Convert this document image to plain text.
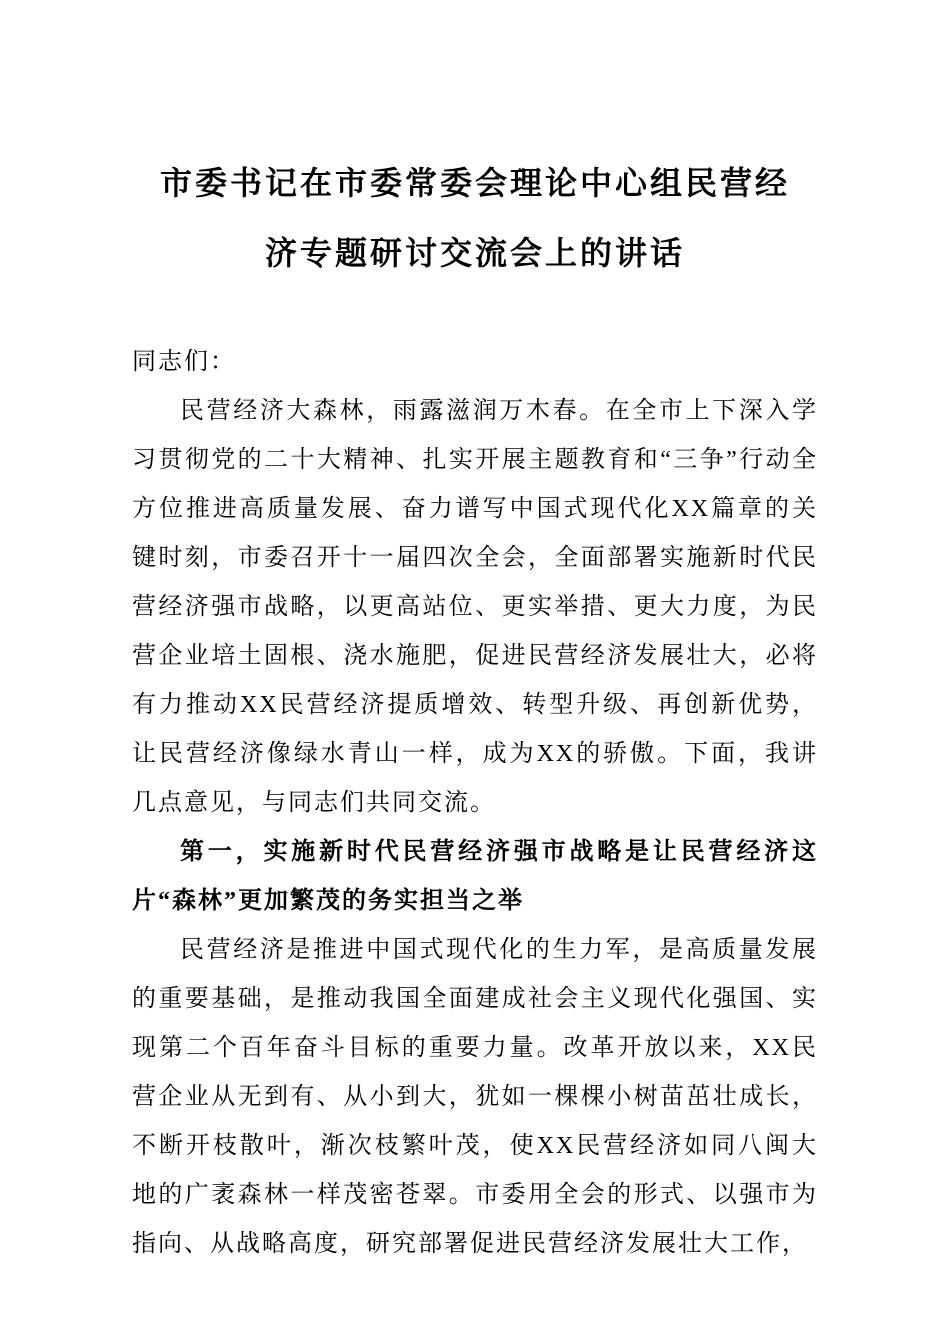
市委书记在市委常委会理论中心组民营经济专题研讨交流会上的讲话

同志们：

民营经济大森林，雨露滋润万木春。在全市上下深入学习贯彻党的二十大精神、扎实开展主题教育和“三争”行动全方位推进高质量发展、奋力谱写中国式现代化XX篇章的关键时刻，市委召开十一届四次全会，全面部署实施新时代民营经济强市战略，以更高站位、更实举措、更大力度，为民营企业培土固根、浇水施肥，促进民营经济发展壮大，必将有力推动XX民营经济提质增效、转型升级、再创新优势，让民营经济像绿水青山一样，成为XX的骄傲。下面，我讲几点意见，与同志们共同交流。

第一，实施新时代民营经济强市战略是让民营经济这片“森林”更加繁茂的务实担当之举

民营经济是推进中国式现代化的生力军，是高质量发展的重要基础，是推动我国全面建成社会主义现代化强国、实现第二个百年奋斗目标的重要力量。改革开放以来，XX民营企业从无到有、从小到大，犹如一棵棵小树苗茁壮成长，不断开枝散叶，渐次枝繁叶茂，使XX民营经济如同八闽大地的广袤森林一样茂密苍翠。市委用全会的形式、以强市为指向、从战略高度，研究部署促进民营经济发展壮大工作，
